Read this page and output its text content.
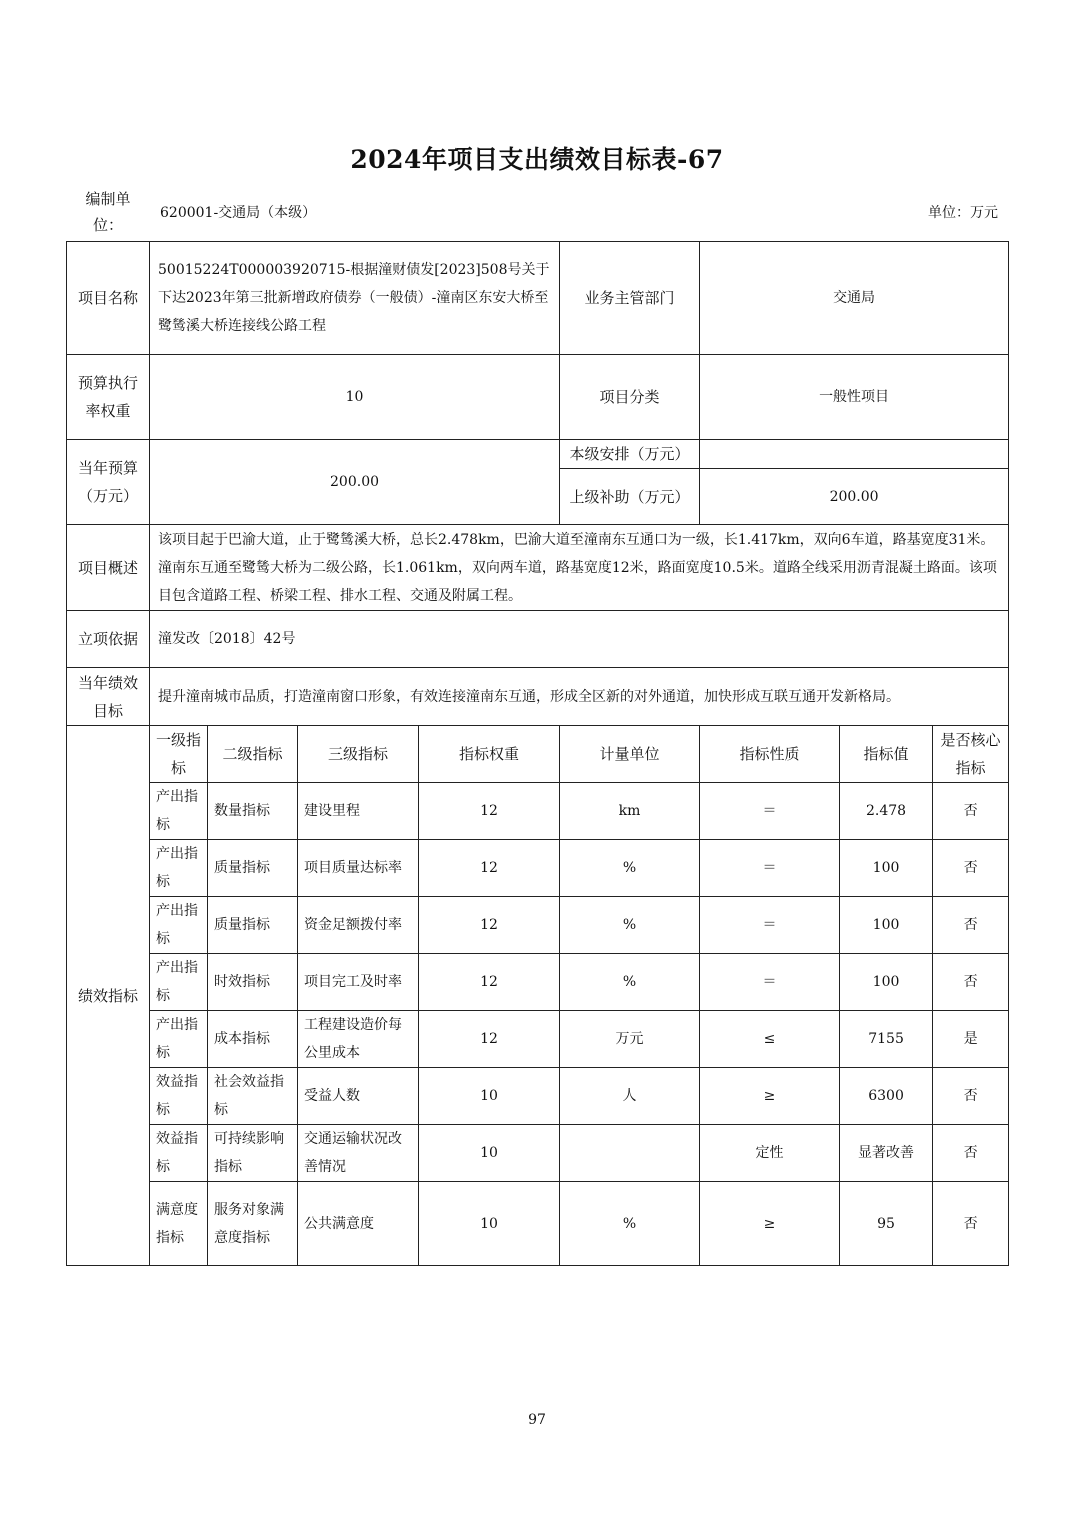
2024年项目支出绩效目标表-67
编制单位：
620001-交通局（本级）	单位：万元
项目名称	50015224T000003920715-根据潼财债发[2023]508号关于下达2023年第三批新增政府债券（一般债）-潼南区东安大桥至鹭鸶溪大桥连接线公路工程				业务主管部门	交通局		
预算执行率权重	10				项目分类	一般性项目		
当年预算（万元）	200.00				本级安排（万元）			
					上级补助（万元）	200.00		
项目概述	该项目起于巴渝大道，止于鹭鸶溪大桥，总长2.478km，巴渝大道至潼南东互通口为一级，长1.417km，双向6车道，路基宽度31米。潼南东互通至鹭鸶大桥为二级公路，长1.061km，双向两车道，路基宽度12米，路面宽度10.5米。道路全线采用沥青混凝土路面。该项目包含道路工程、桥梁工程、排水工程、交通及附属工程。							
立项依据	潼发改〔2018〕42号							
当年绩效目标	提升潼南城市品质，打造潼南窗口形象，有效连接潼南东互通，形成全区新的对外通道，加快形成互联互通开发新格局。							
绩效指标	一级指标	二级指标	三级指标	指标权重	计量单位	指标性质	指标值	是否核心指标
	产出指标	数量指标	建设里程	12	km	＝	2.478	否
	产出指标	质量指标	项目质量达标率	12	%	＝	100	否
	产出指标	质量指标	资金足额拨付率	12	%	＝	100	否
	产出指标	时效指标	项目完工及时率	12	%	＝	100	否
	产出指标	成本指标	工程建设造价每公里成本	12	万元	≤	7155	是
	效益指标	社会效益指标	受益人数	10	人	≥	6300	否
	效益指标	可持续影响指标	交通运输状况改善情况	10		定性	显著改善	否
	满意度指标	服务对象满意度指标	公共满意度	10	%	≥	95	否
97
